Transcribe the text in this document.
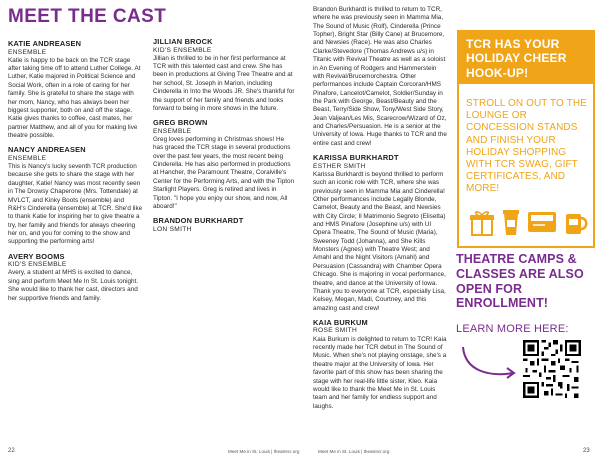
MEET THE CAST
KATIE ANDREASEN
ENSEMBLE

Katie is happy to be back on the TCR stage after taking time off to attend Luther College. At Luther, Katie majored in Political Science and Social Work, often in a role of caring for her family. She is grateful to share the stage with her mom, Nancy, who has always been her biggest supporter, both on and off the stage. Katie gives thanks to coffee, cast mates, her partner Matthew, and all of you for making live theatre possible.

NANCY ANDREASEN
ENSEMBLE

This is Nancy's lucky seventh TCR production because she gets to share the stage with her daughter, Katie! Nancy was most recently seen in The Drowsy Chaperone (Mrs. Tottendale) at MVLCT, and Kinky Boots (ensemble) and R&H's Cinderella (ensemble) at TCR. She'd like to thank Katie for inspiring her to give theatre a try, her family and friends for always cheering her on, and you for coming to the show and supporting the performing arts!

AVERY BOOMS
KID'S ENSEMBLE

Avery, a student at MHS is excited to dance, sing and perform Meet Me In St. Louis tonight. She would like to thank her cast, directors and her supportive friends and family.

JILLIAN BROCK
KID'S ENSEMBLE

Jillian is thrilled to be in her first performance at TCR with this talented cast and crew. She has been in productions at Giving Tree Theatre and at her school, St. Joseph in Marion, including Cinderella in Into the Woods JR. She's thankful for the support of her family and friends and looks forward to being in more shows in the future.

GREG BROWN
ENSEMBLE

Greg loves performing in Christmas shows! He has graced the TCR stage in several productions over the past few years, the most recent being Cinderella. He has also performed in productions at Hancher, the Paramount Theatre, Coralville's Center for the Performing Arts, and with the Tipton Starlight Players. Greg is retired and lives in Tipton. "I hope you enjoy our show, and now, All aboard!"

BRANDON BURKHARDT
LON SMITH

Brandon Burkhardt is thrilled to return to TCR, where he was previously seen in Mamma Mia, The Sound of Music (Rolf), Cinderella (Prince Topher), Bright Star (Billy Cane) at Brucemore, and Newsies (Race). He was also Charles Clarke/Stevedore (Thomas Andrews u/s) in Titanic with Revival Theatre as well as a soloist in An Evening of Rodgers and Hammerstein with Revival/Brucemorchestra. Other performances include Captain Corcoran/HMS Pinafore, Lancelot/Camelot, Soldier/Sunday in the Park with George, Beast/Beauty and the Beast, Terry/Side Show, Tony/West Side Story, Jean Valjean/Les Mis, Scarecrow/Wizard of Oz, and Charles/Persuasion. He is a senior at the University of Iowa. Huge thanks to TCR and the entire cast and crew!

KARISSA BURKHARDT
ESTHER SMITH

Karissa Burkhardt is beyond thrilled to perform such an iconic role with TCR, where she was previously seen in Mamma Mia and Cinderella! Other performances include Legally Blonde, Camelot, Beauty and the Beast, and Newsies with City Circle; Il Matrimonio Segreto (Elisetta) and HMS Pinafore (Josephine u/s) with UI Opera Theatre, The Sound of Music (Maria), Sweeney Todd (Johanna), and She Kills Monsters (Agnes) with Theatre West; and Amahl and the Night Visitors (Amahl) and Persuasion (Cassandra) with Chamber Opera Chicago. She is majoring in vocal performance, theatre, and dance at the University of Iowa. Thank you to everyone at TCR, especially Lisa, Kelsey, Megan, Madi, Courtney, and this amazing cast and crew!

KAIA BURKUM
ROSE SMITH

Kaia Burkum is delighted to return to TCR! Kaia recently made her TCR debut in The Sound of Music. When she's not playing onstage, she's a theatre major at the University of Iowa. Her favorite part of this show has been sharing the stage with her real-life little sister, Kleo. Kaia would like to thank the Meet Me in St. Louis team and her family for endless support and laughs.

TCR HAS YOUR HOLIDAY CHEER HOOK-UP!
STROLL ON OUT TO THE LOUNGE OR CONCESSION STANDS AND FINISH YOUR HOLIDAY SHOPPING WITH TCR SWAG, GIFT CERTIFICATES, AND MORE!
THEATRE CAMPS & CLASSES ARE ALSO OPEN FOR ENROLLMENT!
LEARN MORE HERE:
22	Meet Me in St. Louis | theatrecr.org	Meet Me in St. Louis | theatrecr.org	23
